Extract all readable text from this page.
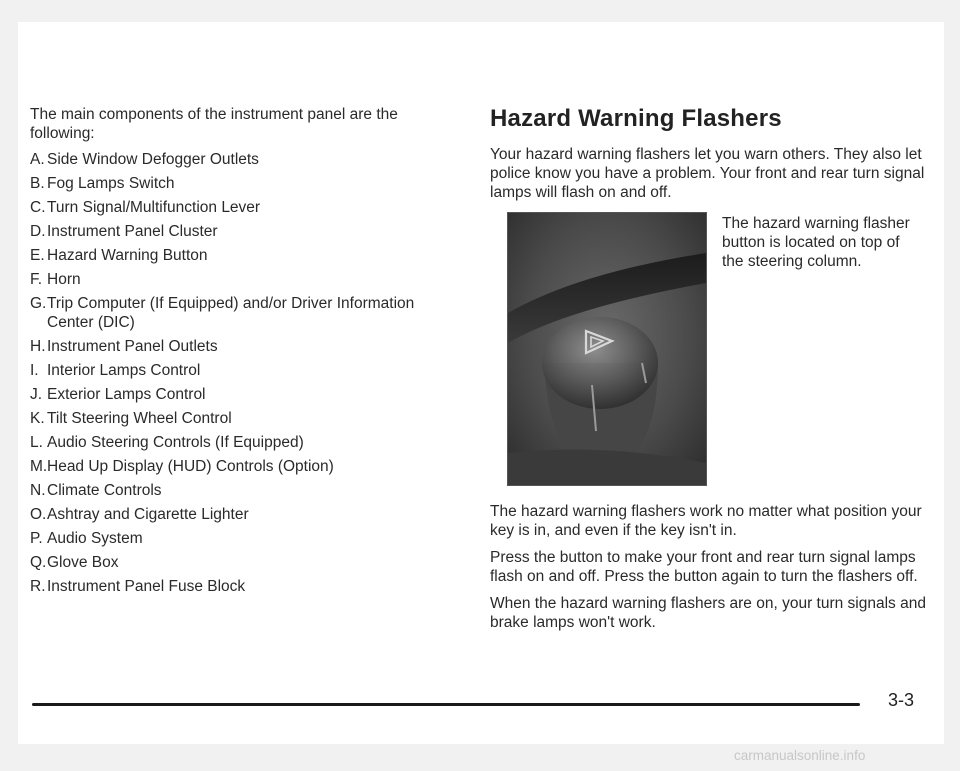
The main components of the instrument panel are the following:

A. Side Window Defogger Outlets
B. Fog Lamps Switch
C. Turn Signal/Multifunction Lever
D. Instrument Panel Cluster
E. Hazard Warning Button
F. Horn
G. Trip Computer (If Equipped) and/or Driver Information Center (DIC)
H. Instrument Panel Outlets
I. Interior Lamps Control
J. Exterior Lamps Control
K. Tilt Steering Wheel Control
L. Audio Steering Controls (If Equipped)
M. Head Up Display (HUD) Controls (Option)
N. Climate Controls
O. Ashtray and Cigarette Lighter
P. Audio System
Q. Glove Box
R. Instrument Panel Fuse Block
Hazard Warning Flashers

Your hazard warning flashers let you warn others. They also let police know you have a problem. Your front and rear turn signal lamps will flash on and off.

The hazard warning flasher button is located on top of the steering column.

The hazard warning flashers work no matter what position your key is in, and even if the key isn't in.

Press the button to make your front and rear turn signal lamps flash on and off. Press the button again to turn the flashers off.

When the hazard warning flashers are on, your turn signals and brake lamps won't work.

3-3
carmanualsonline.info
